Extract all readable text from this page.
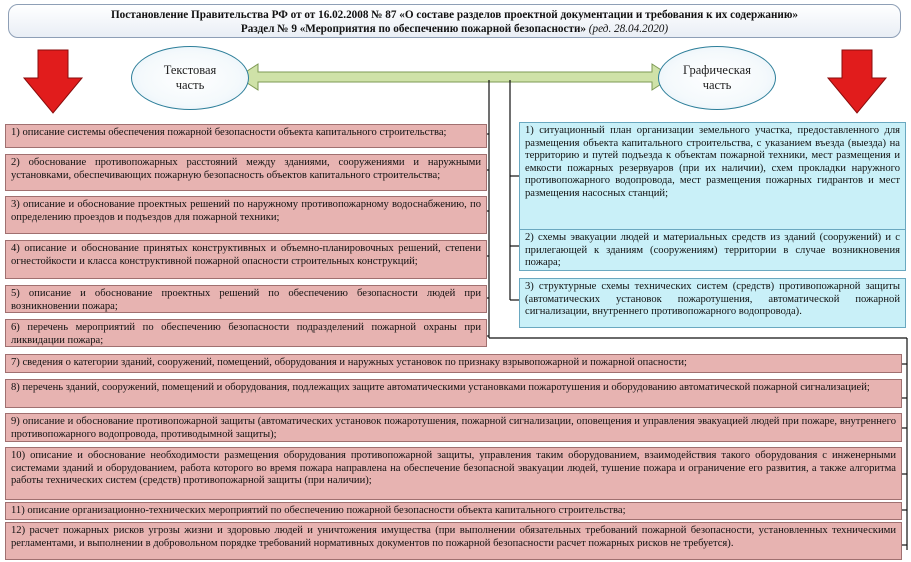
Постановление Правительства РФ от от 16.02.2008 № 87 «О составе разделов проектной документации и требования к их содержанию»
Раздел № 9 «Мероприятия по обеспечению пожарной безопасности» (ред. 28.04.2020)
Текстовая
часть
Графическая
часть
1) описание системы обеспечения пожарной безопасности объекта капитального строительства;
2) обоснование противопожарных расстояний между зданиями, сооружениями и наружными установками, обеспечивающих пожарную безопасность объектов капитального строительства;
3) описание и обоснование проектных решений по наружному противопожарному водоснабжению, по определению проездов и подъездов для пожарной техники;
4) описание и обоснование принятых конструктивных и объемно-планировочных решений, степени огнестойкости и класса конструктивной пожарной опасности строительных конструкций;
5) описание и обоснование проектных решений по обеспечению безопасности людей при возникновении пожара;
6) перечень мероприятий по обеспечению безопасности подразделений пожарной охраны при ликвидации пожара;
7) сведения о категории зданий, сооружений, помещений, оборудования и наружных установок по признаку взрывопожарной и пожарной опасности;
8) перечень зданий, сооружений, помещений и оборудования, подлежащих защите автоматическими установками пожаротушения и оборудованию автоматической пожарной сигнализацией;
9) описание и обоснование противопожарной защиты (автоматических установок пожаротушения, пожарной сигнализации, оповещения и управления эвакуацией людей при пожаре, внутреннего противопожарного водопровода, противодымной защиты);
10) описание и обоснование необходимости размещения оборудования противопожарной защиты, управления таким оборудованием, взаимодействия такого оборудования с инженерными системами зданий и оборудованием, работа которого во время пожара направлена на обеспечение безопасной эвакуации людей, тушение пожара и ограничение его развития, а также алгоритма работы технических систем (средств) противопожарной защиты (при наличии);
11) описание организационно-технических мероприятий по обеспечению пожарной безопасности объекта капитального строительства;
12) расчет пожарных рисков угрозы жизни и здоровью людей и уничтожения имущества (при выполнении обязательных требований пожарной безопасности, установленных техническими регламентами, и выполнении в добровольном порядке требований нормативных документов по пожарной безопасности расчет пожарных рисков не требуется).
1) ситуационный план организации земельного участка, предоставленного для размещения объекта капитального строительства, с указанием въезда (выезда) на территорию и путей подъезда к объектам пожарной техники, мест размещения и емкости пожарных резервуаров (при их наличии), схем прокладки наружного противопожарного водопровода, мест размещения пожарных гидрантов и мест размещения насосных станций;
2) схемы эвакуации людей и материальных средств из зданий (сооружений) и с прилегающей к зданиям (сооружениям) территории в случае возникновения пожара;
3) структурные схемы технических систем (средств) противопожарной защиты (автоматических установок пожаротушения, автоматической пожарной сигнализации, внутреннего противопожарного водопровода).
